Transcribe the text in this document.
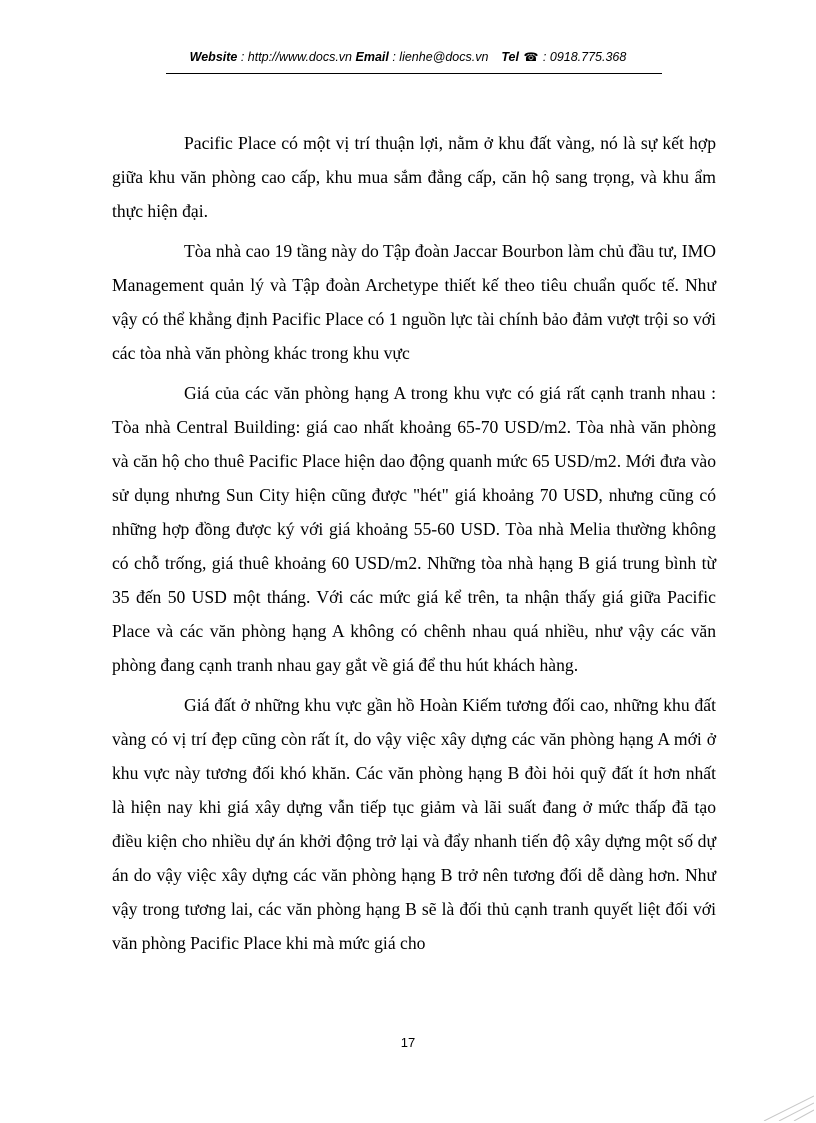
Website : http://www.docs.vn Email : lienhe@docs.vn Tel ☎ : 0918.775.368

Pacific Place có một vị trí thuận lợi, nằm ở khu đất vàng, nó là sự kết hợp giữa khu văn phòng cao cấp, khu mua sắm đẳng cấp, căn hộ sang trọng, và khu ẩm thực hiện đại.

Tòa nhà cao 19 tầng này do Tập đoàn Jaccar Bourbon làm chủ đầu tư, IMO Management quản lý và Tập đoàn Archetype thiết kế theo tiêu chuẩn quốc tế. Như vậy có thể khẳng định Pacific Place có 1 nguồn lực tài chính bảo đảm vượt trội so với các tòa nhà văn phòng khác trong khu vực

Giá của các văn phòng hạng A trong khu vực có giá rất cạnh tranh nhau : Tòa nhà Central Building: giá cao nhất khoảng 65-70 USD/m2. Tòa nhà văn phòng và căn hộ cho thuê Pacific Place hiện dao động quanh mức 65 USD/m2. Mới đưa vào sử dụng nhưng Sun City hiện cũng được "hét" giá khoảng 70 USD, nhưng cũng có những hợp đồng được ký với giá khoảng 55-60 USD. Tòa nhà Melia thường không có chỗ trống, giá thuê khoảng 60 USD/m2. Những tòa nhà hạng B giá trung bình từ 35 đến 50 USD một tháng. Với các mức giá kể trên, ta nhận thấy giá giữa Pacific Place và các văn phòng hạng A không có chênh nhau quá nhiều, như vậy các văn phòng đang cạnh tranh nhau gay gắt về giá để thu hút khách hàng.

Giá đất ở những khu vực gần hồ Hoàn Kiếm tương đối cao, những khu đất vàng có vị trí đẹp cũng còn rất ít, do vậy việc xây dựng các văn phòng hạng A mới ở khu vực này tương đối khó khăn. Các văn phòng hạng B đòi hỏi quỹ đất ít hơn nhất là hiện nay khi giá xây dựng vẫn tiếp tục giảm và lãi suất đang ở mức thấp đã tạo điều kiện cho nhiều dự án khởi động trở lại và đẩy nhanh tiến độ xây dựng một số dự án do vậy việc xây dựng các văn phòng hạng B trở nên tương đối dễ dàng hơn. Như vậy trong tương lai, các văn phòng hạng B sẽ là đối thủ cạnh tranh quyết liệt đối với văn phòng Pacific Place khi mà mức giá cho

17
